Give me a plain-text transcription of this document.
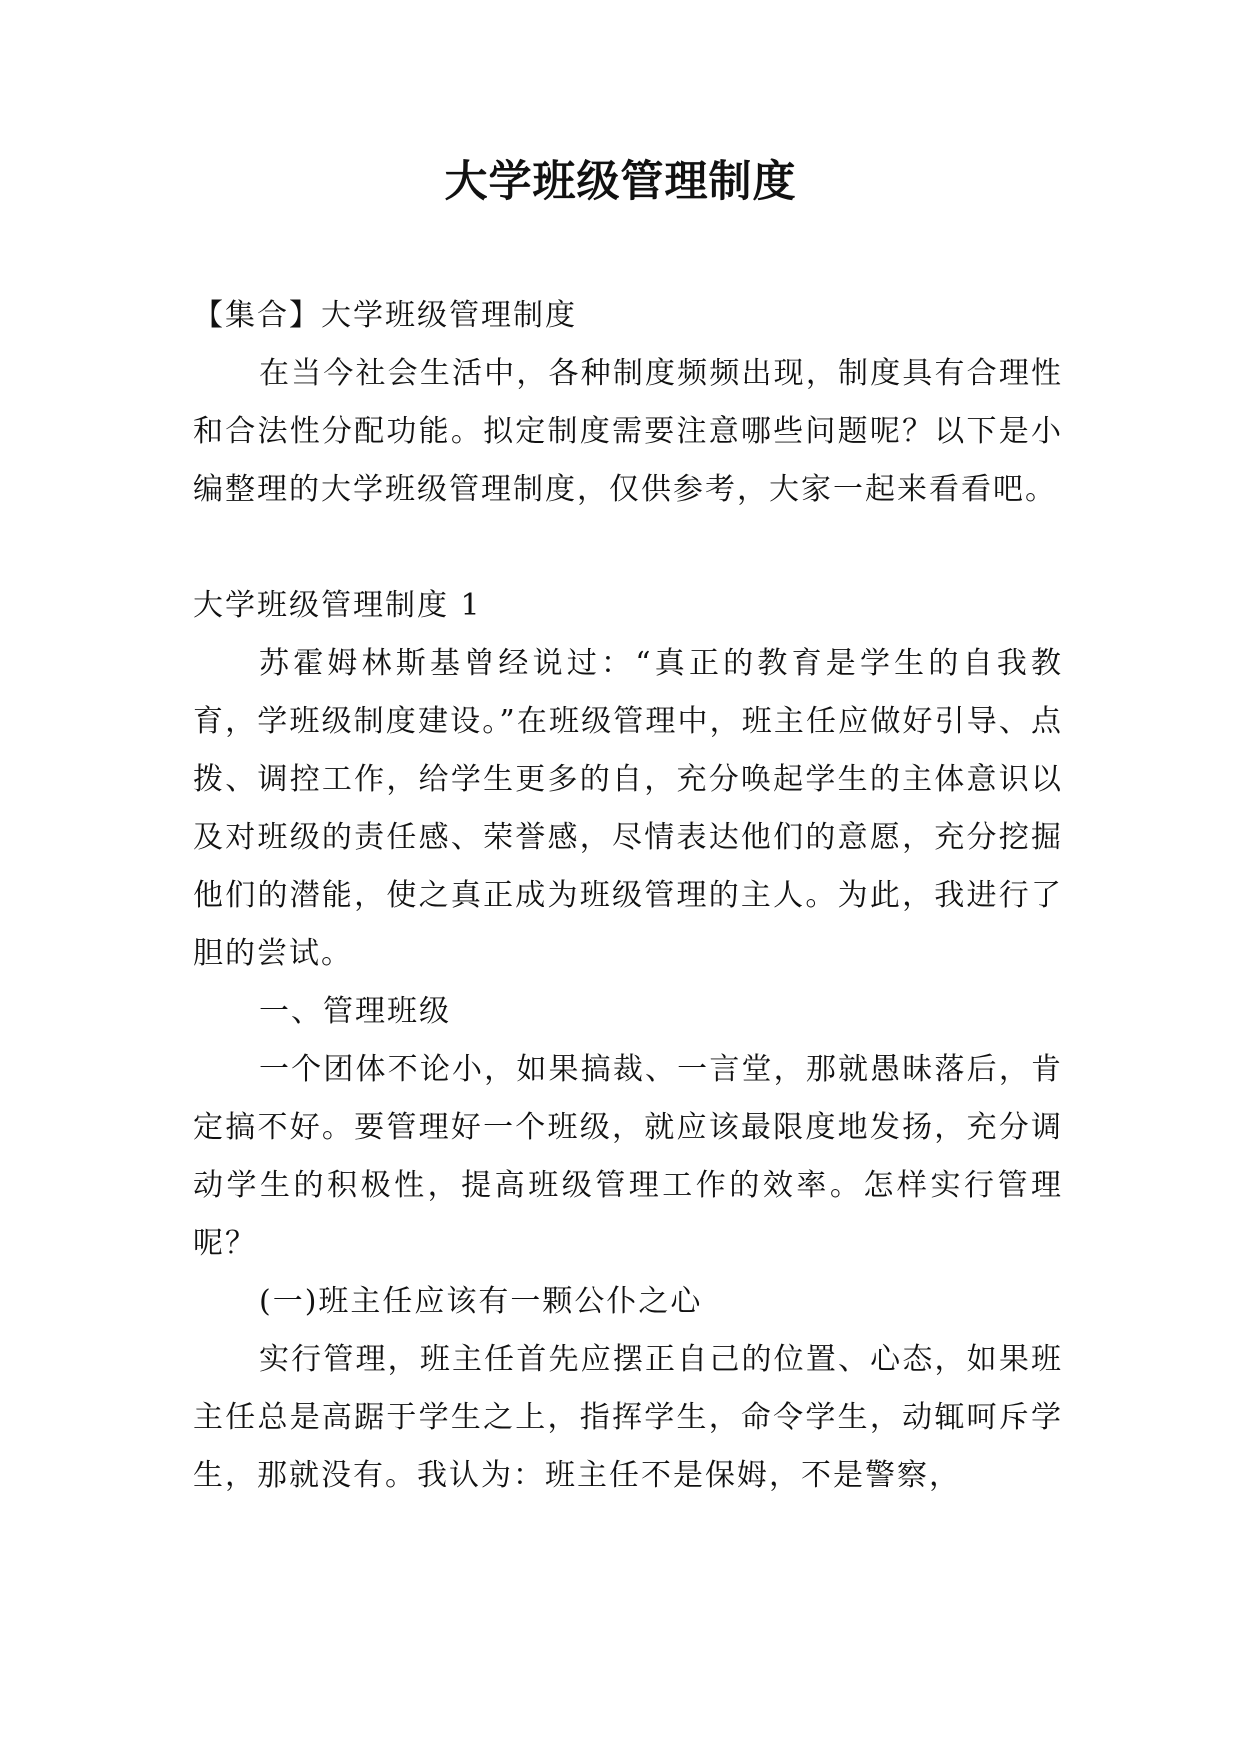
大学班级管理制度

【集合】大学班级管理制度

在当今社会生活中，各种制度频频出现，制度具有合理性和合法性分配功能。拟定制度需要注意哪些问题呢？以下是小编整理的大学班级管理制度，仅供参考，大家一起来看看吧。

大学班级管理制度 1

苏霍姆林斯基曾经说过：“真正的教育是学生的自我教育，学班级制度建设。”在班级管理中，班主任应做好引导、点拨、调控工作，给学生更多的自，充分唤起学生的主体意识以及对班级的责任感、荣誉感，尽情表达他们的意愿，充分挖掘他们的潜能，使之真正成为班级管理的主人。为此，我进行了胆的尝试。

一、管理班级

一个团体不论小，如果搞裁、一言堂，那就愚昧落后，肯定搞不好。要管理好一个班级，就应该最限度地发扬，充分调动学生的积极性，提高班级管理工作的效率。怎样实行管理呢？

(一)班主任应该有一颗公仆之心

实行管理，班主任首先应摆正自己的位置、心态，如果班主任总是高踞于学生之上，指挥学生，命令学生，动辄呵斥学生，那就没有。我认为：班主任不是保姆，不是警察，
